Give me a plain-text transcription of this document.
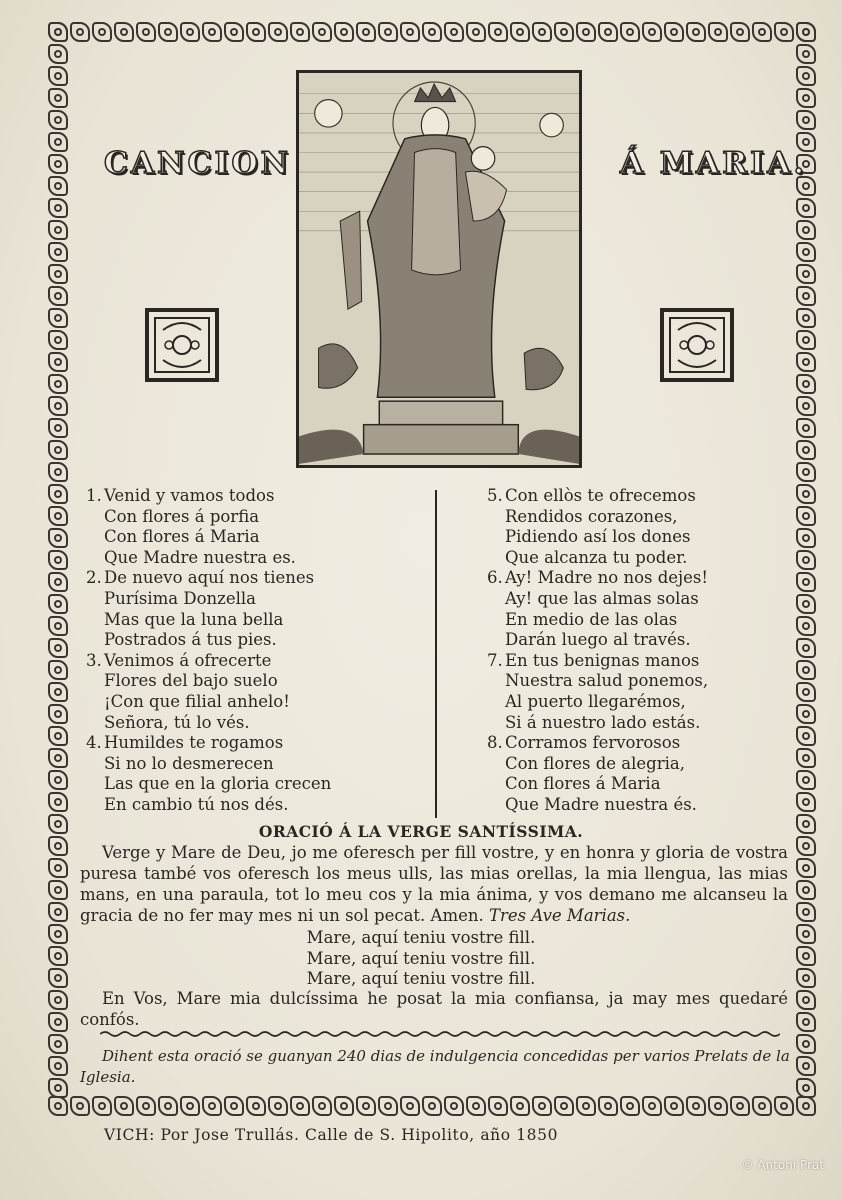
CANCION	Á MARIA.
1. Venid y vamos todos
Con flores á porfia
Con flores á Maria
Que Madre nuestra es.
2. De nuevo aquí nos tienes
Purísima Donzella
Mas que la luna bella
Postrados á tus pies.
3. Venimos á ofrecerte
Flores del bajo suelo
¡Con que filial anhelo!
Señora, tú lo vés.
4. Humildes te rogamos
Si no lo desmerecen
Las que en la gloria crecen
En cambio tú nos dés.
5. Con ellòs te ofrecemos
Rendidos corazones,
Pidiendo así los dones
Que alcanza tu poder.
6. Ay! Madre no nos dejes!
Ay! que las almas solas
En medio de las olas
Darán luego al través.
7. En tus benignas manos
Nuestra salud ponemos,
Al puerto llegarémos,
Si á nuestro lado estás.
8. Corramos fervorosos
Con flores de alegria,
Con flores á Maria
Que Madre nuestra és.
ORACIÓ Á LA VERGE SANTÍSSIMA.
Verge y Mare de Deu, jo me oferesch per fill vostre, y en honra y gloria de vostra puresa també vos oferesch los meus ulls, las mias orellas, la mia llengua, las mias mans, en una paraula, tot lo meu cos y la mia ánima, y vos demano me alcanseu la gracia de no fer may mes ni un sol pecat. Amen. Tres Ave Marias.
Mare, aquí teniu vostre fill.
Mare, aquí teniu vostre fill.
Mare, aquí teniu vostre fill.
En Vos, Mare mia dulcíssima he posat la mia confiansa, ja may mes quedaré confós.
Dihent esta oració se guanyan 240 dias de indulgencia concedidas per varios Prelats de la Iglesia.
VICH: Por Jose Trullás. Calle de S. Hipolito, año 1850
© Antoni Prat
